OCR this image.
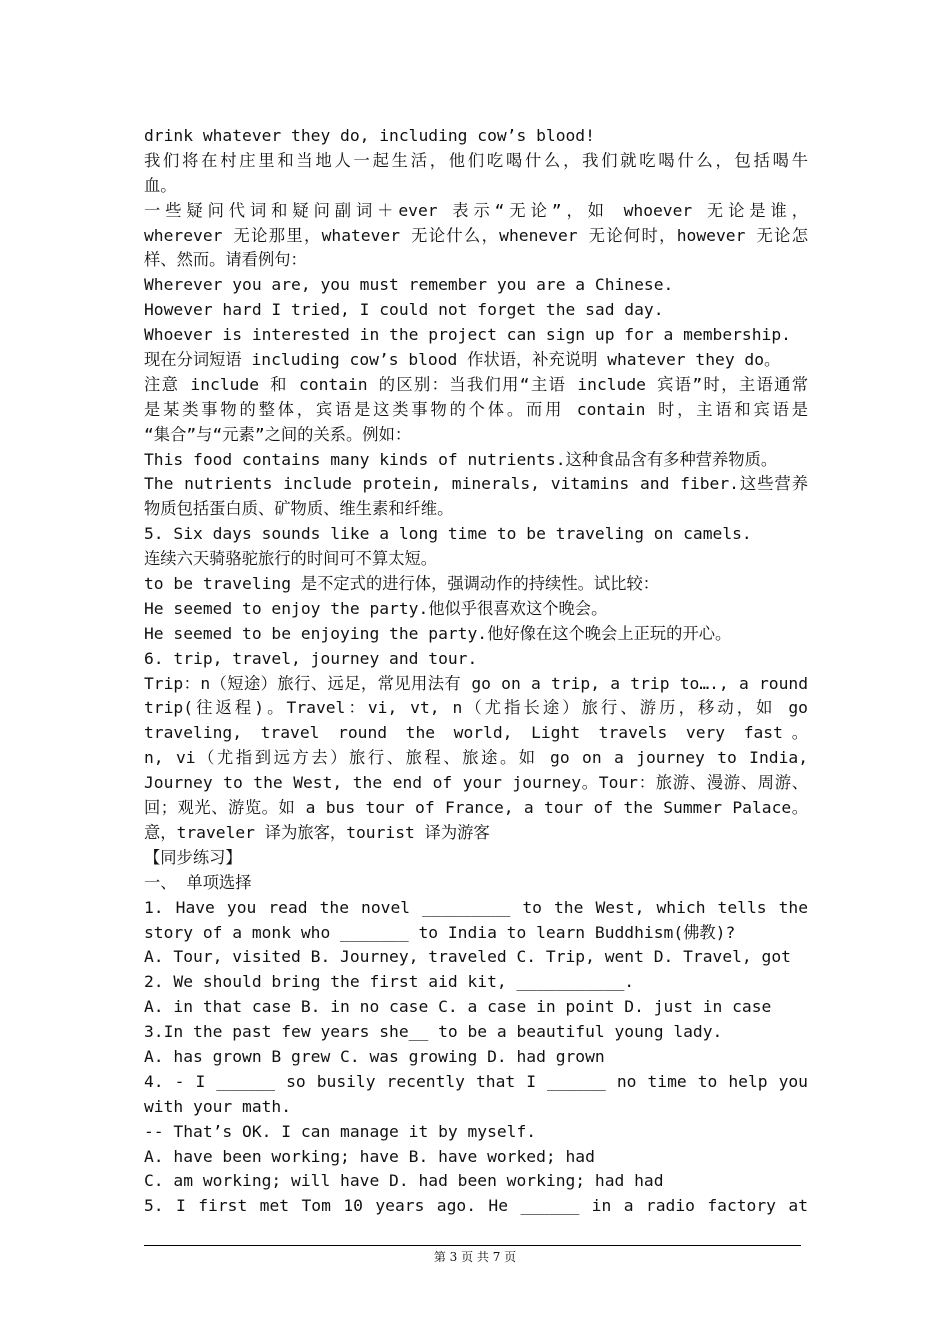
drink whatever they do, including cow’s blood!
我们将在村庄里和当地人一起生活，他们吃喝什么，我们就吃喝什么，包括喝牛
血。
一些疑问代词和疑问副词＋ever 表示“无论”，如 whoever 无论是谁，
wherever 无论那里，whatever 无论什么，whenever 无论何时，however 无论怎
样、然而。请看例句：
Wherever you are, you must remember you are a Chinese.
However hard I tried, I could not forget the sad day.
Whoever is interested in the project can sign up for a membership.
现在分词短语 including cow’s blood 作状语，补充说明 whatever they do。
注意 include 和 contain 的区别：当我们用“主语 include 宾语”时，主语通常
是某类事物的整体，宾语是这类事物的个体。而用 contain 时，主语和宾语是
“集合”与“元素”之间的关系。例如：
This food contains many kinds of nutrients.这种食品含有多种营养物质。
The nutrients include protein, minerals, vitamins and fiber.这些营养
物质包括蛋白质、矿物质、维生素和纤维。
5. Six days sounds like a long time to be traveling on camels.
连续六天骑骆驼旅行的时间可不算太短。
to be traveling 是不定式的进行体，强调动作的持续性。试比较：
He seemed to enjoy the party.他似乎很喜欢这个晚会。
He seemed to be enjoying the party.他好像在这个晚会上正玩的开心。
6. trip, travel, journey and tour.
Trip：n（短途）旅行、远足，常见用法有 go on a trip, a trip to…., a round
trip(往返程)。Travel：vi, vt, n（尤指长途）旅行、游历，移动，如 go
traveling, travel round the world, Light travels very fast。
n, vi（尤指到远方去）旅行、旅程、旅途。如 go on a journey to India,
Journey to the West, the end of your journey。Tour：旅游、漫游、周游、
回；观光、游览。如 a bus tour of France, a tour of the Summer Palace。
意，traveler 译为旅客，tourist 译为游客
【同步练习】
一、 单项选择
1. Have you read the novel _________ to the West, which tells the
story of a monk who _______ to India to learn Buddhism(佛教)?
A. Tour, visited B. Journey, traveled C. Trip, went D. Travel, got
2. We should bring the first aid kit, ___________.
A. in that case B. in no case C. a case in point D. just in case
3.In the past few years she__ to be a beautiful young lady.
A. has grown B grew C. was growing D. had grown
4. - I ______ so busily recently that I ______ no time to help you
with your math.
-- That’s OK. I can manage it by myself.
A. have been working; have B. have worked; had
C. am working; will have D. had been working; had had
5. I first met Tom 10 years ago. He ______ in a radio factory at
第 3 页 共 7 页
